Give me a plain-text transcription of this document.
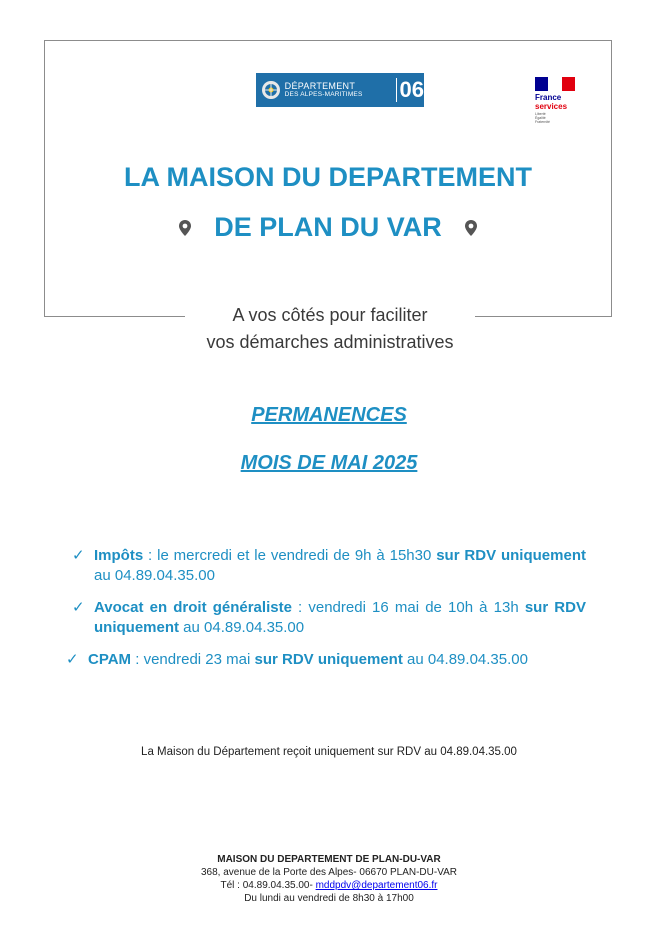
DÉPARTEMENT
DES ALPES-MARITIMES	06	France
services
Liberté Égalité Fraternité
LA MAISON DU DEPARTEMENT
DE PLAN DU VAR
A vos côtés pour faciliter
vos démarches administratives
PERMANENCES
MOIS DE MAI 2025
✓ Impôts : le mercredi et le vendredi de 9h à 15h30 sur RDV uniquement au 04.89.04.35.00
✓ Avocat en droit généraliste : vendredi 16 mai de 10h à 13h sur RDV uniquement au 04.89.04.35.00
✓ CPAM : vendredi 23 mai sur RDV uniquement au 04.89.04.35.00
La Maison du Département reçoit uniquement sur RDV au 04.89.04.35.00
MAISON DU DEPARTEMENT DE PLAN-DU-VAR
368, avenue de la Porte des Alpes- 06670 PLAN-DU-VAR
Tél : 04.89.04.35.00- mddpdv@departement06.fr
Du lundi au vendredi de 8h30 à 17h00
